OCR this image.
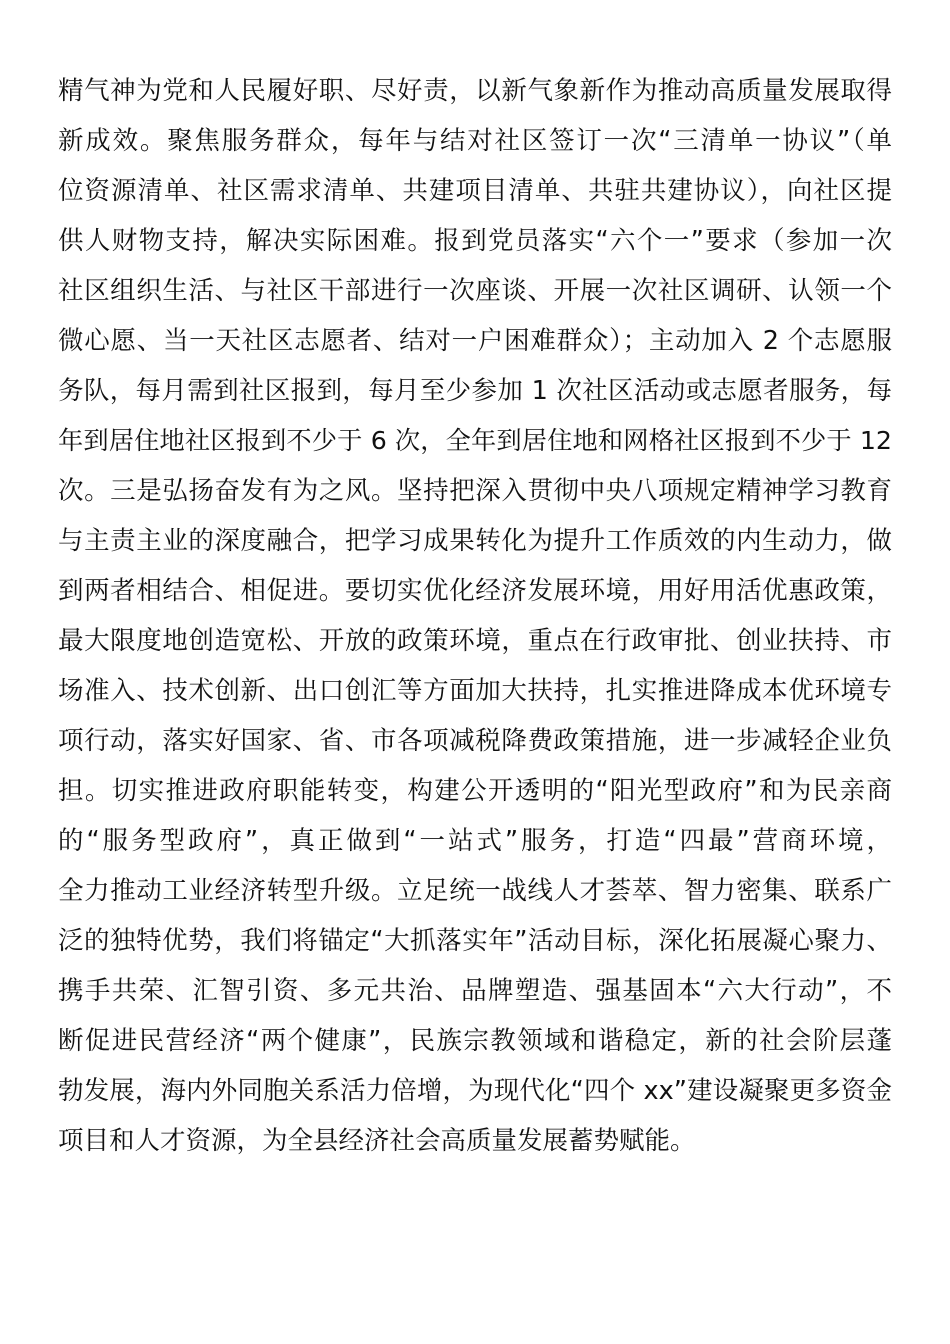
精气神为党和人民履好职、尽好责，以新气象新作为推动高质量发展取得
新成效。聚焦服务群众，每年与结对社区签订一次“三清单一协议”（单
位资源清单、社区需求清单、共建项目清单、共驻共建协议），向社区提
供人财物支持，解决实际困难。报到党员落实“六个一”要求（参加一次
社区组织生活、与社区干部进行一次座谈、开展一次社区调研、认领一个
微心愿、当一天社区志愿者、结对一户困难群众）；主动加入 2 个志愿服
务队，每月需到社区报到，每月至少参加 1 次社区活动或志愿者服务，每
年到居住地社区报到不少于 6 次，全年到居住地和网格社区报到不少于 12
次。三是弘扬奋发有为之风。坚持把深入贯彻中央八项规定精神学习教育
与主责主业的深度融合，把学习成果转化为提升工作质效的内生动力，做
到两者相结合、相促进。要切实优化经济发展环境，用好用活优惠政策，
最大限度地创造宽松、开放的政策环境，重点在行政审批、创业扶持、市
场准入、技术创新、出口创汇等方面加大扶持，扎实推进降成本优环境专
项行动，落实好国家、省、市各项减税降费政策措施，进一步减轻企业负
担。切实推进政府职能转变，构建公开透明的“阳光型政府”和为民亲商
的“服务型政府”，真正做到“一站式”服务，打造“四最”营商环境，
全力推动工业经济转型升级。立足统一战线人才荟萃、智力密集、联系广
泛的独特优势，我们将锚定“大抓落实年”活动目标，深化拓展凝心聚力、
携手共荣、汇智引资、多元共治、品牌塑造、强基固本“六大行动”，不
断促进民营经济“两个健康”，民族宗教领域和谐稳定，新的社会阶层蓬
勃发展，海内外同胞关系活力倍增，为现代化“四个 xx”建设凝聚更多资金
项目和人才资源，为全县经济社会高质量发展蓄势赋能。
